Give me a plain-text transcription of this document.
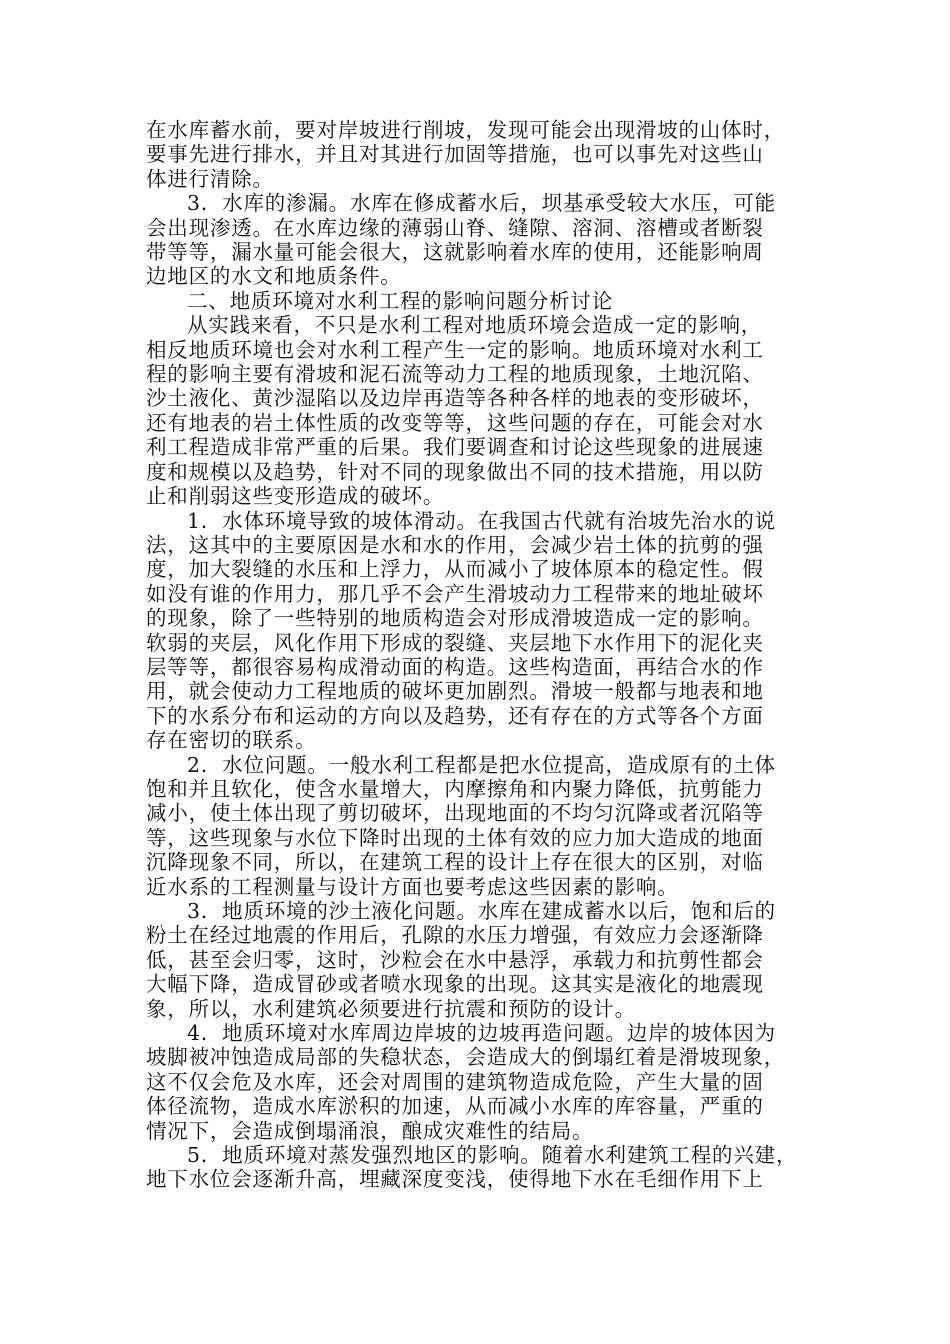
在水库蓄水前，要对岸坡进行削坡，发现可能会出现滑坡的山体时，
要事先进行排水，并且对其进行加固等措施，也可以事先对这些山
体进行清除。
3．水库的渗漏。水库在修成蓄水后，坝基承受较大水压，可能
会出现渗透。在水库边缘的薄弱山脊、缝隙、溶洞、溶槽或者断裂
带等等，漏水量可能会很大，这就影响着水库的使用，还能影响周
边地区的水文和地质条件。
二、地质环境对水利工程的影响问题分析讨论
从实践来看，不只是水利工程对地质环境会造成一定的影响，
相反地质环境也会对水利工程产生一定的影响。地质环境对水利工
程的影响主要有滑坡和泥石流等动力工程的地质现象，土地沉陷、
沙土液化、黄沙湿陷以及边岸再造等各种各样的地表的变形破坏，
还有地表的岩土体性质的改变等等，这些问题的存在，可能会对水
利工程造成非常严重的后果。我们要调查和讨论这些现象的进展速
度和规模以及趋势，针对不同的现象做出不同的技术措施，用以防
止和削弱这些变形造成的破坏。
1．水体环境导致的坡体滑动。在我国古代就有治坡先治水的说
法，这其中的主要原因是水和水的作用，会减少岩土体的抗剪的强
度，加大裂缝的水压和上浮力，从而减小了坡体原本的稳定性。假
如没有谁的作用力，那几乎不会产生滑坡动力工程带来的地址破坏
的现象，除了一些特别的地质构造会对形成滑坡造成一定的影响。
软弱的夹层，风化作用下形成的裂缝、夹层地下水作用下的泥化夹
层等等，都很容易构成滑动面的构造。这些构造面，再结合水的作
用，就会使动力工程地质的破坏更加剧烈。滑坡一般都与地表和地
下的水系分布和运动的方向以及趋势，还有存在的方式等各个方面
存在密切的联系。
2．水位问题。一般水利工程都是把水位提高，造成原有的土体
饱和并且软化，使含水量增大，内摩擦角和内聚力降低，抗剪能力
减小，使土体出现了剪切破坏，出现地面的不均匀沉降或者沉陷等
等，这些现象与水位下降时出现的土体有效的应力加大造成的地面
沉降现象不同，所以，在建筑工程的设计上存在很大的区别，对临
近水系的工程测量与设计方面也要考虑这些因素的影响。
3．地质环境的沙土液化问题。水库在建成蓄水以后，饱和后的
粉土在经过地震的作用后，孔隙的水压力增强，有效应力会逐渐降
低，甚至会归零，这时，沙粒会在水中悬浮，承载力和抗剪性都会
大幅下降，造成冒砂或者喷水现象的出现。这其实是液化的地震现
象，所以，水利建筑必须要进行抗震和预防的设计。
4．地质环境对水库周边岸坡的边坡再造问题。边岸的坡体因为
坡脚被冲蚀造成局部的失稳状态，会造成大的倒塌红着是滑坡现象，
这不仅会危及水库，还会对周围的建筑物造成危险，产生大量的固
体径流物，造成水库淤积的加速，从而减小水库的库容量，严重的
情况下，会造成倒塌涌浪，酿成灾难性的结局。
5．地质环境对蒸发强烈地区的影响。随着水利建筑工程的兴建，
地下水位会逐渐升高，埋藏深度变浅，使得地下水在毛细作用下上
